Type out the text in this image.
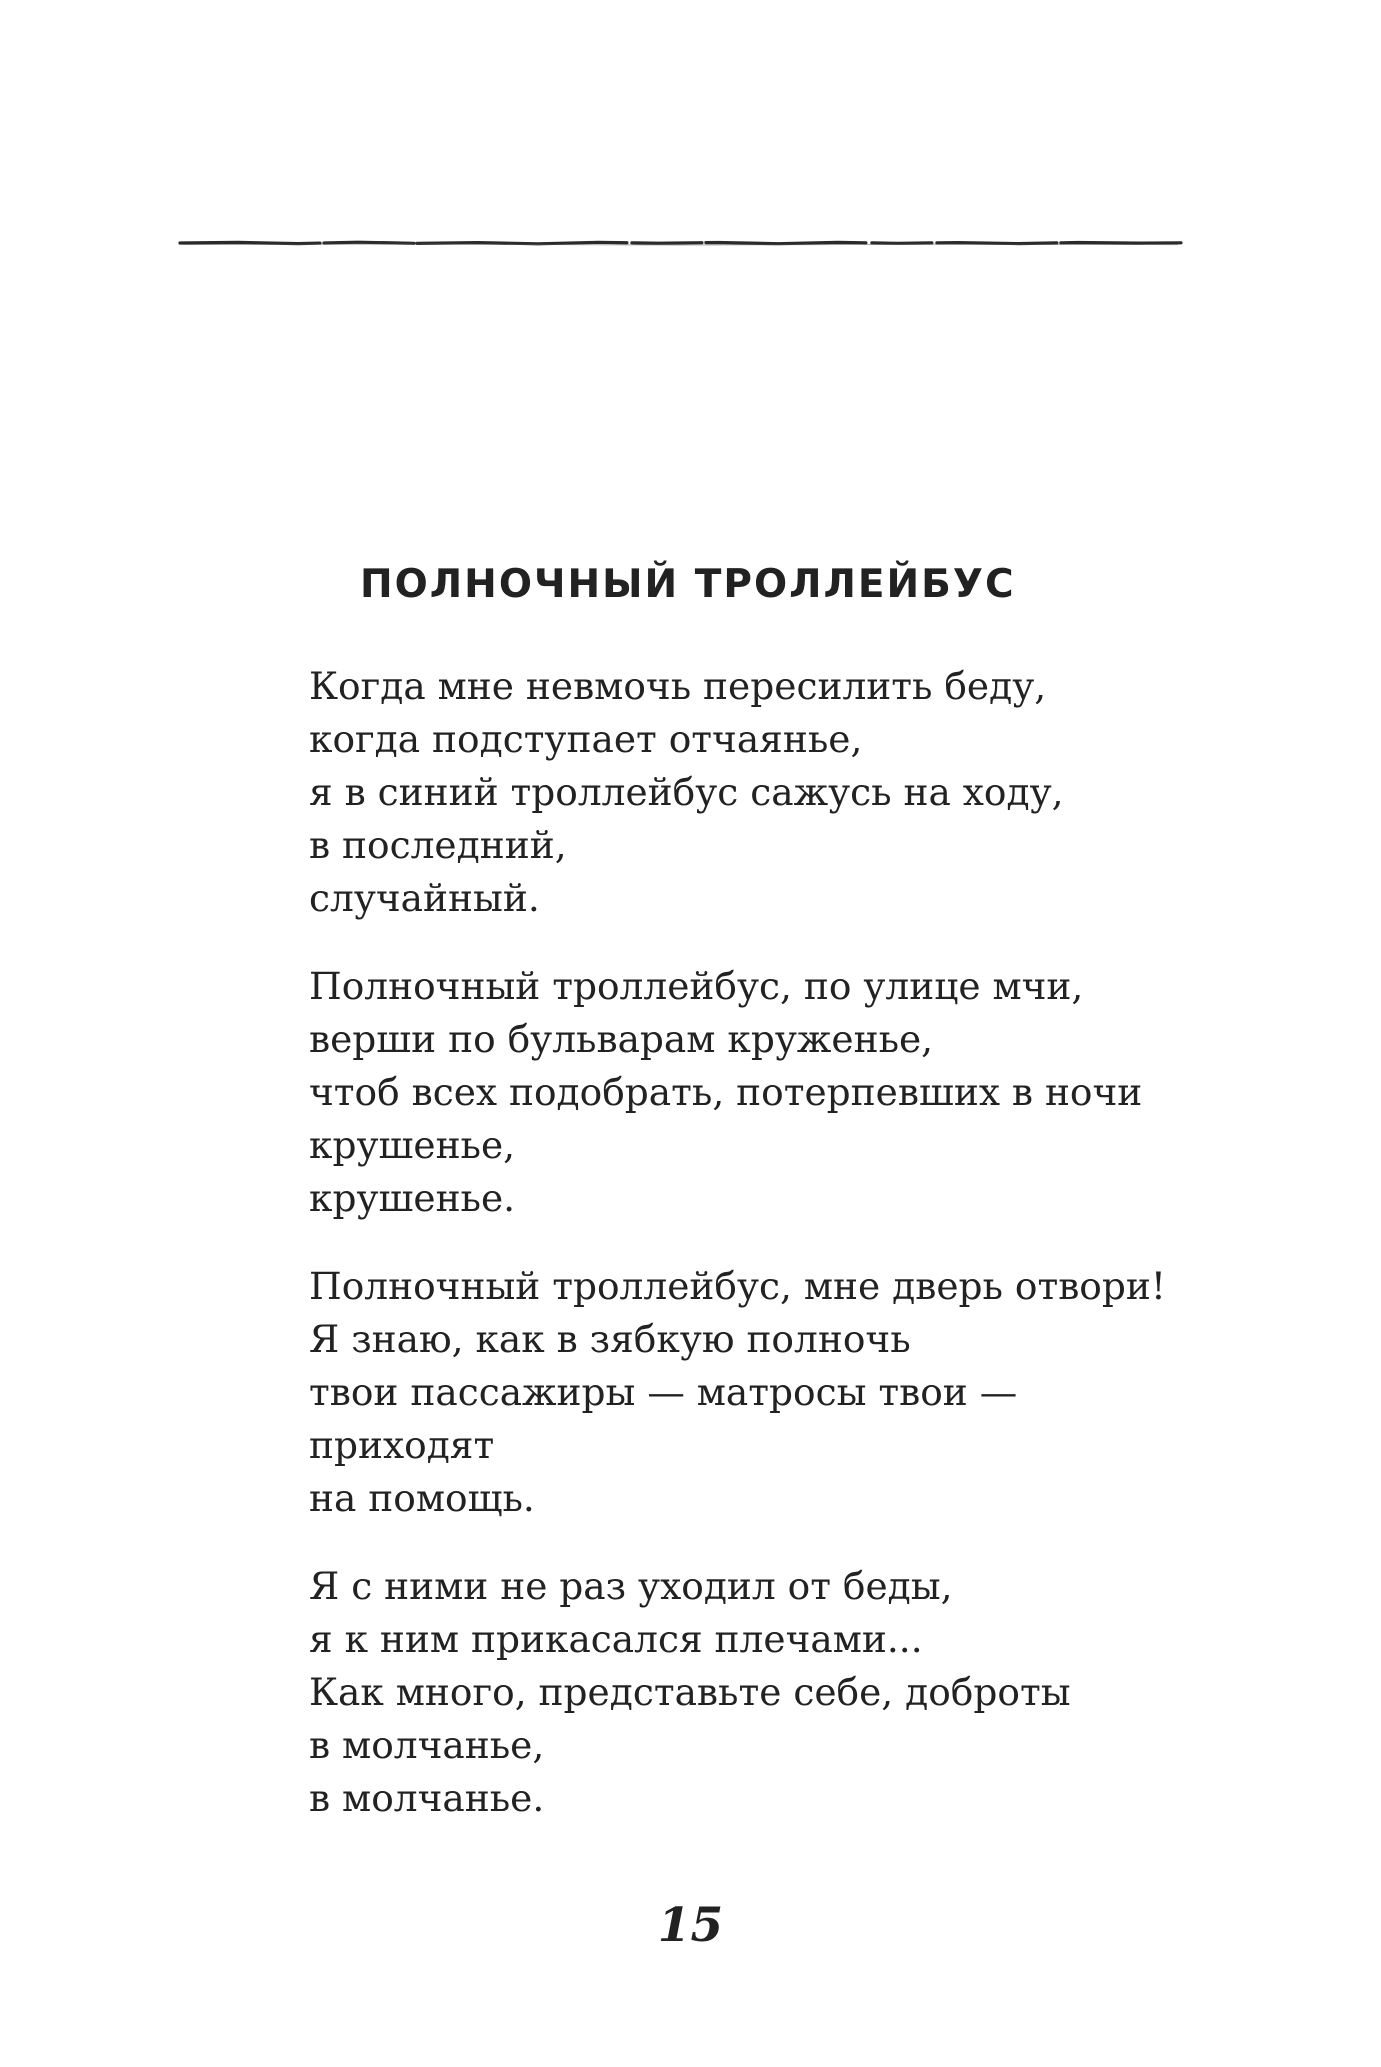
ПОЛНОЧНЫЙ ТРОЛЛЕЙБУС

Когда мне невмочь пересилить беду,
когда подступает отчаянье,
я в синий троллейбус сажусь на ходу,
в последний,
случайный.

Полночный троллейбус, по улице мчи,
верши по бульварам круженье,
чтоб всех подобрать, потерпевших в ночи
крушенье,
крушенье.

Полночный троллейбус, мне дверь отвори!
Я знаю, как в зябкую полночь
твои пассажиры — матросы твои —
приходят
на помощь.

Я с ними не раз уходил от беды,
я к ним прикасался плечами...
Как много, представьте себе, доброты
в молчанье,
в молчанье.

15
